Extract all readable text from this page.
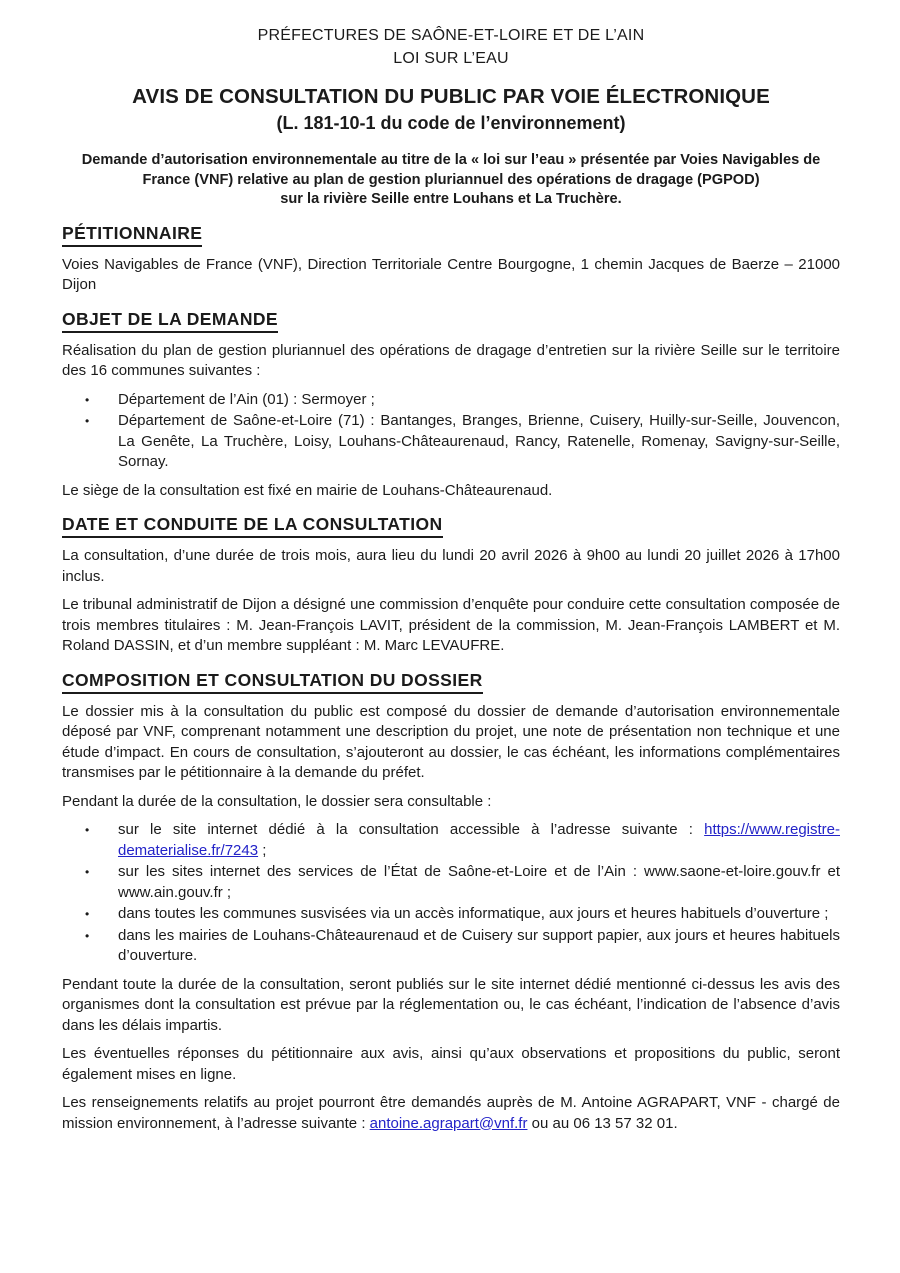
PRÉFECTURES DE SAÔNE-ET-LOIRE ET DE L’AIN
LOI SUR L’EAU
AVIS DE CONSULTATION DU PUBLIC PAR VOIE ÉLECTRONIQUE
(L. 181-10-1 du code de l’environnement)
Demande d’autorisation environnementale au titre de la « loi sur l’eau » présentée par Voies Navigables de
France (VNF) relative au plan de gestion pluriannuel des opérations de dragage (PGPOD)
sur la rivière Seille entre Louhans et La Truchère.
PÉTITIONNAIRE

Voies Navigables de France (VNF), Direction Territoriale Centre Bourgogne, 1 chemin Jacques de Baerze – 21000 Dijon

OBJET DE LA DEMANDE

Réalisation du plan de gestion pluriannuel des opérations de dragage d’entretien sur la rivière Seille sur le territoire des 16 communes suivantes :

• Département de l’Ain (01) : Sermoyer ;
• Département de Saône-et-Loire (71) : Bantanges, Branges, Brienne, Cuisery, Huilly-sur-Seille, Jouvencon, La Genête, La Truchère, Loisy, Louhans-Châteaurenaud, Rancy, Ratenelle, Romenay, Savigny-sur-Seille, Sornay.

Le siège de la consultation est fixé en mairie de Louhans-Châteaurenaud.

DATE ET CONDUITE DE LA CONSULTATION

La consultation, d’une durée de trois mois, aura lieu du lundi 20 avril 2026 à 9h00 au lundi 20 juillet 2026 à 17h00 inclus.

Le tribunal administratif de Dijon a désigné une commission d’enquête pour conduire cette consultation composée de trois membres titulaires : M. Jean-François LAVIT, président de la commission, M. Jean-François LAMBERT et M. Roland DASSIN, et d’un membre suppléant : M. Marc LEVAUFRE.

COMPOSITION ET CONSULTATION DU DOSSIER

Le dossier mis à la consultation du public est composé du dossier de demande d’autorisation environnementale déposé par VNF, comprenant notamment une description du projet, une note de présentation non technique et une étude d’impact. En cours de consultation, s’ajouteront au dossier, le cas échéant, les informations complémentaires transmises par le pétitionnaire à la demande du préfet.

Pendant la durée de la consultation, le dossier sera consultable :

• sur le site internet dédié à la consultation accessible à l’adresse suivante : https://www.registre-dematerialise.fr/7243 ;
• sur les sites internet des services de l’État de Saône-et-Loire et de l’Ain : www.saone-et-loire.gouv.fr et www.ain.gouv.fr ;
• dans toutes les communes susvisées via un accès informatique, aux jours et heures habituels d’ouverture ;
• dans les mairies de Louhans-Châteaurenaud et de Cuisery sur support papier, aux jours et heures habituels d’ouverture.

Pendant toute la durée de la consultation, seront publiés sur le site internet dédié mentionné ci-dessus les avis des organismes dont la consultation est prévue par la réglementation ou, le cas échéant, l’indication de l’absence d’avis dans les délais impartis.

Les éventuelles réponses du pétitionnaire aux avis, ainsi qu’aux observations et propositions du public, seront également mises en ligne.

Les renseignements relatifs au projet pourront être demandés auprès de M. Antoine AGRAPART, VNF - chargé de mission environnement, à l’adresse suivante : antoine.agrapart@vnf.fr ou au 06 13 57 32 01.
